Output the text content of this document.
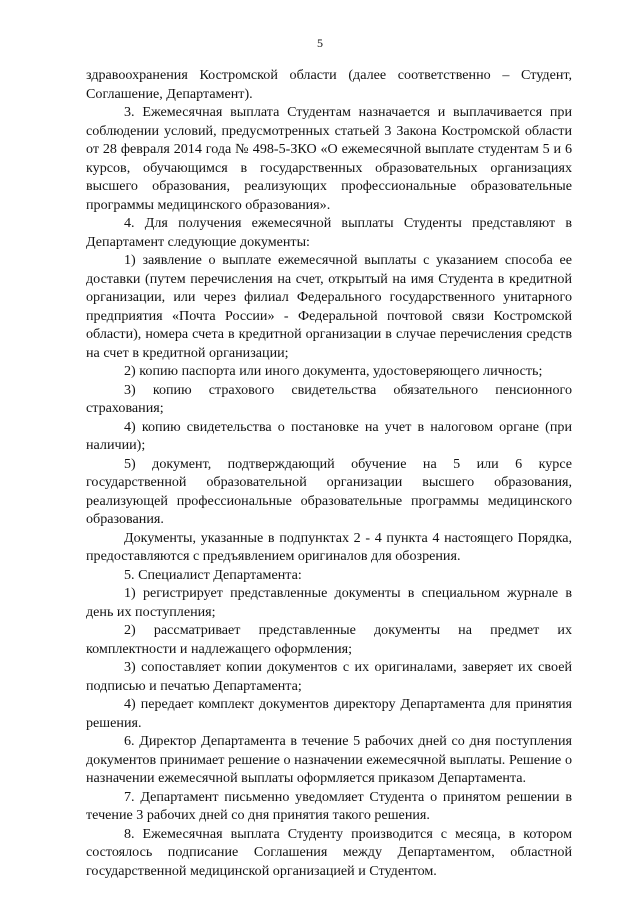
5

здравоохранения Костромской области (далее соответственно – Студент, Соглашение, Департамент).

3. Ежемесячная выплата Студентам назначается и выплачивается при соблюдении условий, предусмотренных статьей 3 Закона Костромской области от 28 февраля 2014 года № 498-5-ЗКО «О ежемесячной выплате студентам 5 и 6 курсов, обучающимся в государственных образовательных организациях высшего образования, реализующих профессиональные образовательные программы медицинского образования».

4. Для получения ежемесячной выплаты Студенты представляют в Департамент следующие документы:

1) заявление о выплате ежемесячной выплаты с указанием способа ее доставки (путем перечисления на счет, открытый на имя Студента в кредитной организации, или через филиал Федерального государственного унитарного предприятия «Почта России» - Федеральной почтовой связи Костромской области), номера счета в кредитной организации в случае перечисления средств на счет в кредитной организации;

2) копию паспорта или иного документа, удостоверяющего личность;

3) копию страхового свидетельства обязательного пенсионного страхования;

4) копию свидетельства о постановке на учет в налоговом органе (при наличии);

5) документ, подтверждающий обучение на 5 или 6 курсе государственной образовательной организации высшего образования, реализующей профессиональные образовательные программы медицинского образования.

Документы, указанные в подпунктах 2 - 4 пункта 4 настоящего Порядка, предоставляются с предъявлением оригиналов для обозрения.

5. Специалист Департамента:

1) регистрирует представленные документы в специальном журнале в день их поступления;

2) рассматривает представленные документы на предмет их комплектности и надлежащего оформления;

3) сопоставляет копии документов с их оригиналами, заверяет их своей подписью и печатью Департамента;

4) передает комплект документов директору Департамента для принятия решения.

6. Директор Департамента в течение 5 рабочих дней со дня поступления документов принимает решение о назначении ежемесячной выплаты. Решение о назначении ежемесячной выплаты оформляется приказом Департамента.

7. Департамент письменно уведомляет Студента о принятом решении в течение 3 рабочих дней со дня принятия такого решения.

8. Ежемесячная выплата Студенту производится с месяца, в котором состоялось подписание Соглашения между Департаментом, областной государственной медицинской организацией и Студентом.
